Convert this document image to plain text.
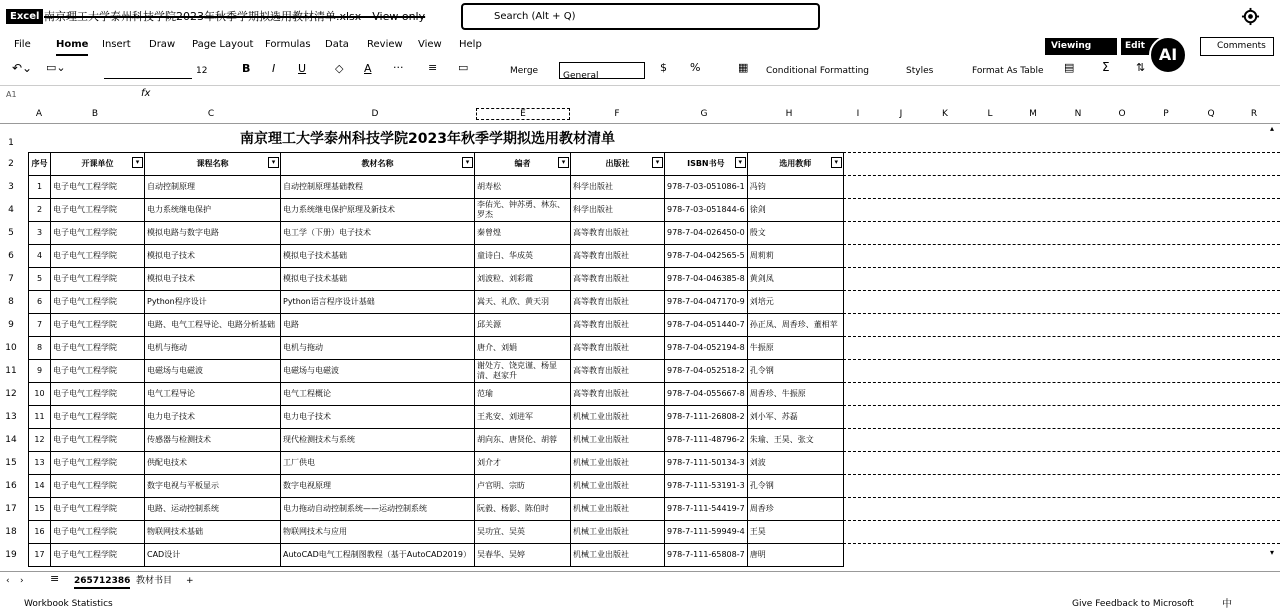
Excel 南京理工大学泰州科技学院2023年秋季学期拟选用教材清单.xlsx - View only	Search (Alt + Q)
File	Home Insert Draw Page Layout Formulas Data Review View Help	Viewing	Edit	Comments
AI
↶⌄ ▭⌄	12	B I U	◇ A ··· ≡ ▭	Merge	General
$ %	▦ Conditional Formatting	Styles	Format As Table ▤ Σ ⇅
A1	fx
A	B	C	D	E	F	G	H	I	J	K	L	M	N	O	P	Q	R
1
2
3
4
5
6
7
8
9
10
11
12
13
14
15
16
17
18
19
南京理工大学泰州科技学院2023年秋季学期拟选用教材清单
序号	开课单位 ▾	课程名称 ▾	教材名称 ▾	编者 ▾	出版社 ▾	ISBN书号 ▾	选用教师 ▾

1	电子电气工程学院	自动控制原理	自动控制原理基础教程	胡寿松	科学出版社	978-7-03-051086-1	冯钧
2	电子电气工程学院	电力系统继电保护	电力系统继电保护原理及新技术	李佑光、钟苏勇、林东、罗杰	科学出版社	978-7-03-051844-6	徐剑
3	电子电气工程学院	模拟电路与数字电路	电工学（下册）电子技术	秦曾煌	高等教育出版社	978-7-04-026450-0	殷文
4	电子电气工程学院	模拟电子技术	模拟电子技术基础	童诗白、华成英	高等教育出版社	978-7-04-042565-5	周莉莉
5	电子电气工程学院	模拟电子技术	模拟电子技术基础	刘波粒、刘彩霞	高等教育出版社	978-7-04-046385-8	黄剑凤
6	电子电气工程学院	Python程序设计	Python语言程序设计基础	嵩天、礼欣、黄天羽	高等教育出版社	978-7-04-047170-9	刘培元
7	电子电气工程学院	电路、电气工程导论、电路分析基础	电路	邱关源	高等教育出版社	978-7-04-051440-7	孙正凤、周香珍、董相苹
8	电子电气工程学院	电机与拖动	电机与拖动	唐介、刘娟	高等教育出版社	978-7-04-052194-8	牛振原
9	电子电气工程学院	电磁场与电磁波	电磁场与电磁波	谢处方、饶克谨、杨显清、赵家升	高等教育出版社	978-7-04-052518-2	孔令钢
10	电子电气工程学院	电气工程导论	电气工程概论	范瑜	高等教育出版社	978-7-04-055667-8	周香珍、牛振原
11	电子电气工程学院	电力电子技术	电力电子技术	王兆安、刘进军	机械工业出版社	978-7-111-26808-2	刘小军、苏磊
12	电子电气工程学院	传感器与检测技术	现代检测技术与系统	胡向东、唐贤伦、胡蓉	机械工业出版社	978-7-111-48796-2	朱瑜、王昊、张文
13	电子电气工程学院	供配电技术	工厂供电	刘介才	机械工业出版社	978-7-111-50134-3	刘波
14	电子电气工程学院	数字电视与平板显示	数字电视原理	卢官明、宗昉	机械工业出版社	978-7-111-53191-3	孔令钢
15	电子电气工程学院	电路、运动控制系统	电力拖动自动控制系统——运动控制系统	阮毅、杨影、陈伯时	机械工业出版社	978-7-111-54419-7	周香珍
16	电子电气工程学院	物联网技术基础	物联网技术与应用	吴功宜、吴英	机械工业出版社	978-7-111-59949-4	王昊
17	电子电气工程学院	CAD设计	AutoCAD电气工程制图教程（基于AutoCAD2019）	吴春华、吴婷	机械工业出版社	978-7-111-65808-7	唐明
▴
▾
‹ › ≡ 265712386 教材书目 +
Workbook Statistics	Give Feedback to Microsoft	中
